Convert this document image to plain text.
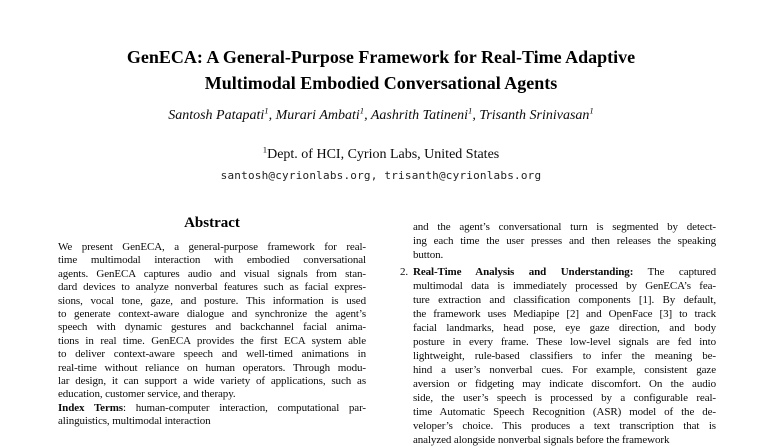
GenECA: A General-Purpose Framework for Real-Time Adaptive
Multimodal Embodied Conversational Agents
Santosh Patapati$^1$, Murari Ambati$^1$, Aashrith Tatineni$^1$, Trisanth Srinivasan$^1$
$^1$Dept. of HCI, Cyrion Labs, United States
santosh@cyrionlabs.org, trisanth@cyrionlabs.org
Abstract
We present GenECA, a general-purpose framework for real-
time multimodal interaction with embodied conversational
agents. GenECA captures audio and visual signals from stan-
dard devices to analyze nonverbal features such as facial expres-
sions, vocal tone, gaze, and posture. This information is used
to generate context-aware dialogue and synchronize the agent’s
speech with dynamic gestures and backchannel facial anima-
tions in real time. GenECA provides the first ECA system able
to deliver context-aware speech and well-timed animations in
real-time without reliance on human operators. Through modu-
lar design, it can support a wide variety of applications, such as
education, customer service, and therapy.
Index Terms: human-computer interaction, computational par-
alinguistics, multimodal interaction
and the agent’s conversational turn is segmented by detect-
ing each time the user presses and then releases the speaking
button.
2. Real-Time Analysis and Understanding: The captured
multimodal data is immediately processed by GenECA’s fea-
ture extraction and classification components [1]. By default,
the framework uses Mediapipe [2] and OpenFace [3] to track
facial landmarks, head pose, eye gaze direction, and body
posture in every frame. These low-level signals are fed into
lightweight, rule-based classifiers to infer the meaning be-
hind a user’s nonverbal cues. For example, consistent gaze
aversion or fidgeting may indicate discomfort. On the audio
side, the user’s speech is processed by a configurable real-
time Automatic Speech Recognition (ASR) model of the de-
veloper’s choice. This produces a text transcription that is
analyzed alongside nonverbal signals before the framework
